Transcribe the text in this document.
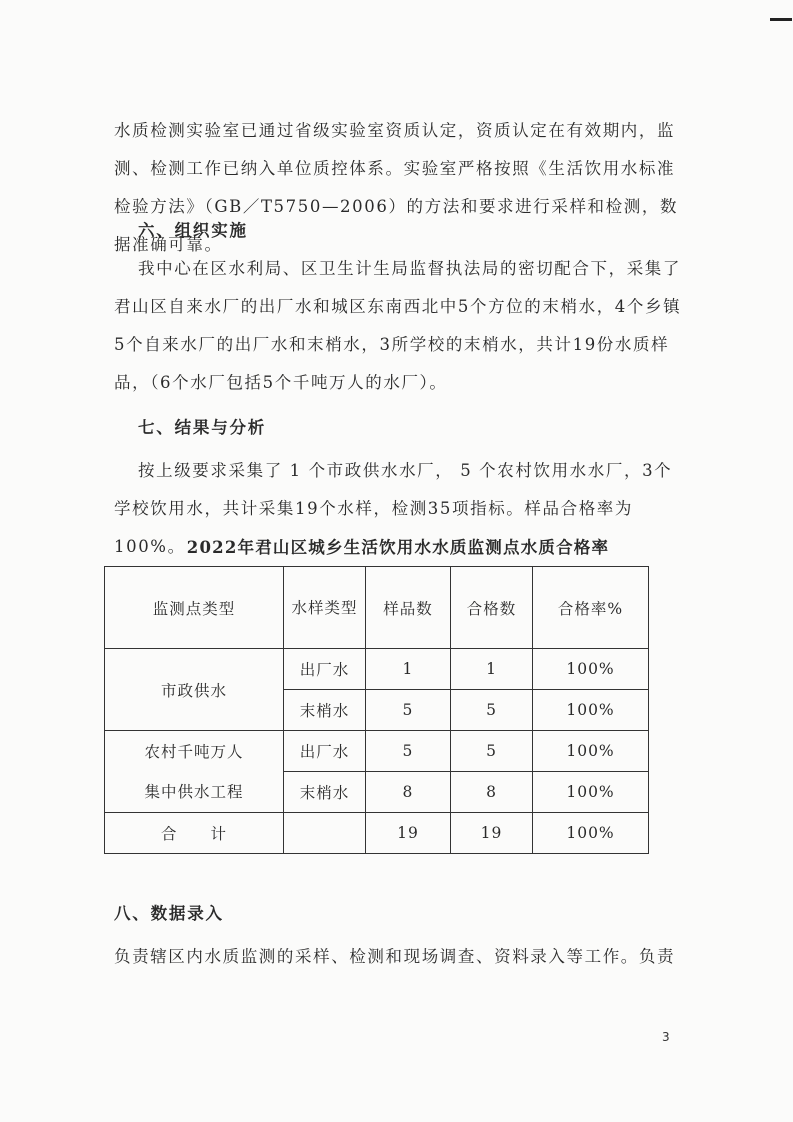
水质检测实验室已通过省级实验室资质认定，资质认定在有效期内，监测、检测工作已纳入单位质控体系。实验室严格按照《生活饮用水标准检验方法》（GB／T5750—2006）的方法和要求进行采样和检测，数据准确可靠。

六、组织实施

我中心在区水利局、区卫生计生局监督执法局的密切配合下，采集了君山区自来水厂的出厂水和城区东南西北中5个方位的末梢水，4个乡镇5个自来水厂的出厂水和末梢水，3所学校的末梢水，共计19份水质样品，（6个水厂包括5个千吨万人的水厂）。

七、结果与分析

按上级要求采集了 1 个市政供水水厂， 5 个农村饮用水水厂，3个学校饮用水，共计采集19个水样，检测35项指标。样品合格率为100%。 2022年君山区城乡生活饮用水水质监测点水质合格率
监测点类型	水样类型	样品数	合格数	合格率%
市政供水	出厂水	1	1	100%
	末梢水	5	5	100%

农村千吨万人
集中供水工程	出厂水	5	5	100%
	末梢水	8	8	100%
合　　计		19	19	100%

八、数据录入

负责辖区内水质监测的采样、检测和现场调查、资料录入等工作。负责

3
